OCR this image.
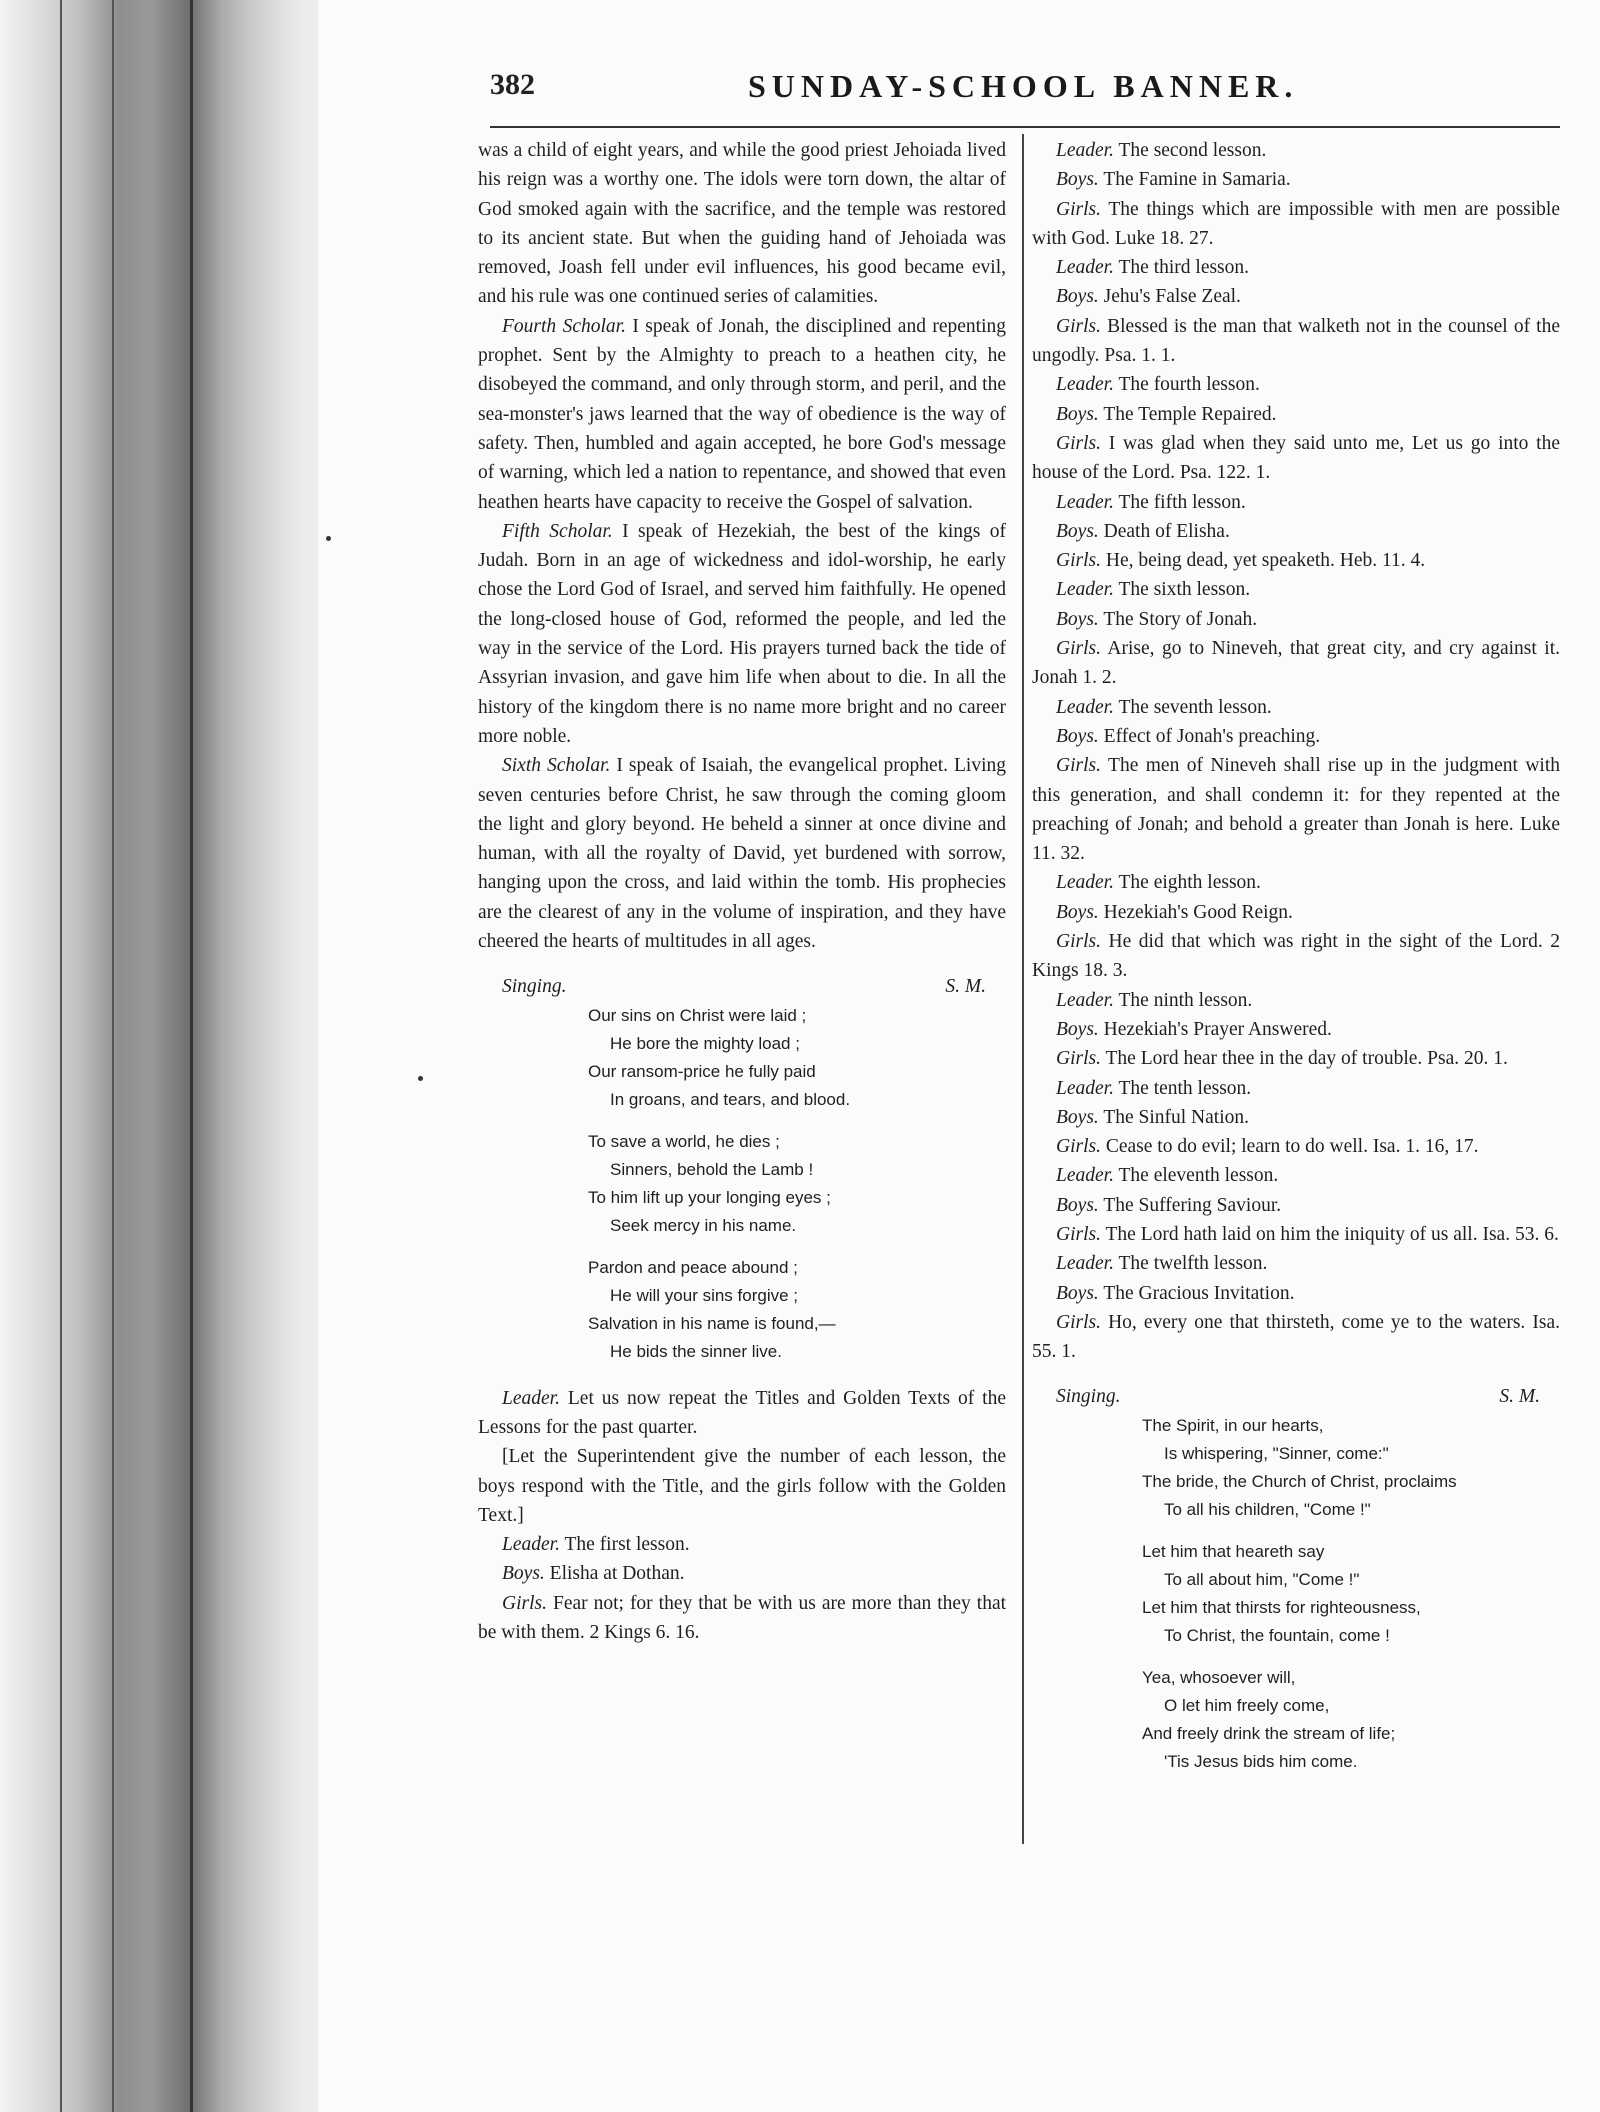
382	SUNDAY-SCHOOL BANNER.

was a child of eight years, and while the good priest Jehoiada lived his reign was a worthy one. The idols were torn down, the altar of God smoked again with the sacrifice, and the temple was restored to its ancient state. But when the guiding hand of Jehoiada was removed, Joash fell under evil influences, his good became evil, and his rule was one continued series of calamities.

Fourth Scholar. I speak of Jonah, the disciplined and repenting prophet. Sent by the Almighty to preach to a heathen city, he disobeyed the command, and only through storm, and peril, and the sea-monster's jaws learned that the way of obedience is the way of safety. Then, humbled and again accepted, he bore God's message of warning, which led a nation to repentance, and showed that even heathen hearts have capacity to receive the Gospel of salvation.

Fifth Scholar. I speak of Hezekiah, the best of the kings of Judah. Born in an age of wickedness and idol-worship, he early chose the Lord God of Israel, and served him faithfully. He opened the long-closed house of God, reformed the people, and led the way in the service of the Lord. His prayers turned back the tide of Assyrian invasion, and gave him life when about to die. In all the history of the kingdom there is no name more bright and no career more noble.

Sixth Scholar. I speak of Isaiah, the evangelical prophet. Living seven centuries before Christ, he saw through the coming gloom the light and glory beyond. He beheld a sinner at once divine and human, with all the royalty of David, yet burdened with sorrow, hanging upon the cross, and laid within the tomb. His prophecies are the clearest of any in the volume of inspiration, and they have cheered the hearts of multitudes in all ages.

Singing.	S. M.
Our sins on Christ were laid ;
He bore the mighty load ;
Our ransom-price he fully paid
In groans, and tears, and blood.
To save a world, he dies ;
Sinners, behold the Lamb !
To him lift up your longing eyes ;
Seek mercy in his name.
Pardon and peace abound ;
He will your sins forgive ;
Salvation in his name is found,—
He bids the sinner live.

Leader. Let us now repeat the Titles and Golden Texts of the Lessons for the past quarter.

[Let the Superintendent give the number of each lesson, the boys respond with the Title, and the girls follow with the Golden Text.]

Leader. The first lesson.

Boys. Elisha at Dothan.

Girls. Fear not; for they that be with us are more than they that be with them. 2 Kings 6. 16.

Leader. The second lesson.

Boys. The Famine in Samaria.

Girls. The things which are impossible with men are possible with God. Luke 18. 27.

Leader. The third lesson.

Boys. Jehu's False Zeal.

Girls. Blessed is the man that walketh not in the counsel of the ungodly. Psa. 1. 1.

Leader. The fourth lesson.

Boys. The Temple Repaired.

Girls. I was glad when they said unto me, Let us go into the house of the Lord. Psa. 122. 1.

Leader. The fifth lesson.

Boys. Death of Elisha.

Girls. He, being dead, yet speaketh. Heb. 11. 4.

Leader. The sixth lesson.

Boys. The Story of Jonah.

Girls. Arise, go to Nineveh, that great city, and cry against it. Jonah 1. 2.

Leader. The seventh lesson.

Boys. Effect of Jonah's preaching.

Girls. The men of Nineveh shall rise up in the judgment with this generation, and shall condemn it: for they repented at the preaching of Jonah; and behold a greater than Jonah is here. Luke 11. 32.

Leader. The eighth lesson.

Boys. Hezekiah's Good Reign.

Girls. He did that which was right in the sight of the Lord. 2 Kings 18. 3.

Leader. The ninth lesson.

Boys. Hezekiah's Prayer Answered.

Girls. The Lord hear thee in the day of trouble. Psa. 20. 1.

Leader. The tenth lesson.

Boys. The Sinful Nation.

Girls. Cease to do evil; learn to do well. Isa. 1. 16, 17.

Leader. The eleventh lesson.

Boys. The Suffering Saviour.

Girls. The Lord hath laid on him the iniquity of us all. Isa. 53. 6.

Leader. The twelfth lesson.

Boys. The Gracious Invitation.

Girls. Ho, every one that thirsteth, come ye to the waters. Isa. 55. 1.

Singing.	S. M.
The Spirit, in our hearts,
Is whispering, "Sinner, come:"
The bride, the Church of Christ, proclaims
To all his children, "Come !"
Let him that heareth say
To all about him, "Come !"
Let him that thirsts for righteousness,
To Christ, the fountain, come !
Yea, whosoever will,
O let him freely come,
And freely drink the stream of life;
'Tis Jesus bids him come.
